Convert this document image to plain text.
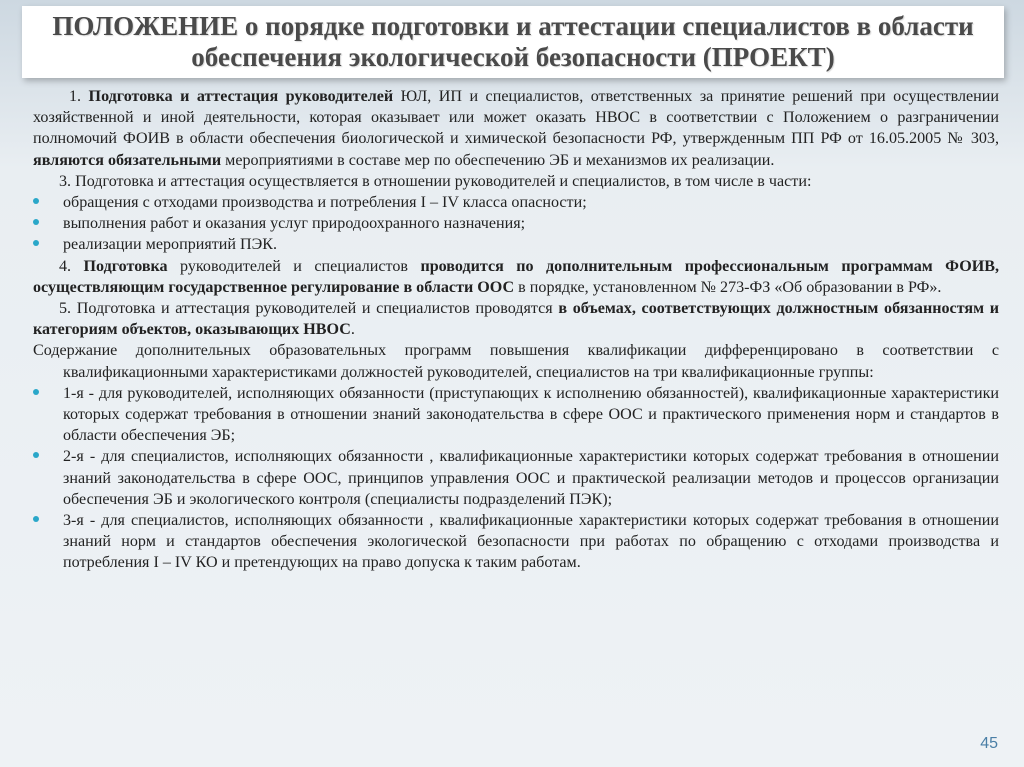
ПОЛОЖЕНИЕ о порядке подготовки и аттестации специалистов в области
обеспечения экологической безопасности (ПРОЕКТ)

1. Подготовка и аттестация руководителей ЮЛ, ИП и специалистов, ответственных за принятие решений при осуществлении хозяйственной и иной деятельности, которая оказывает или может оказать НВОС в соответствии с Положением о разграничении полномочий ФОИВ в области обеспечения биологической и химической безопасности РФ, утвержденным ПП РФ от 16.05.2005 № 303, являются обязательными мероприятиями в составе мер по обеспечению ЭБ и механизмов их реализации.

3. Подготовка и аттестация осуществляется в отношении руководителей и специалистов, в том числе в части:

обращения с отходами производства и потребления I – IV класса опасности;

выполнения работ и оказания услуг природоохранного назначения;

реализации мероприятий ПЭК.

4. Подготовка руководителей и специалистов проводится по дополнительным профессиональным программам ФОИВ, осуществляющим государственное регулирование в области ООС в порядке, установленном № 273-ФЗ «Об образовании в РФ».

5. Подготовка и аттестация руководителей и специалистов проводятся в объемах, соответствующих должностным обязанностям и категориям объектов, оказывающих НВОС.

Содержание дополнительных образовательных программ повышения квалификации дифференцировано в соответствии с квалификационными характеристиками должностей руководителей, специалистов на три квалификационные группы:

1-я - для руководителей, исполняющих обязанности (приступающих к исполнению обязанностей), квалификационные характеристики которых содержат требования в отношении знаний законодательства в сфере ООС и практического применения норм и стандартов в области обеспечения ЭБ;

2-я - для специалистов, исполняющих обязанности , квалификационные характеристики которых содержат требования в отношении знаний законодательства в сфере ООС, принципов управления ООС и практической реализации методов и процессов организации обеспечения ЭБ и экологического контроля (специалисты подразделений ПЭК);

3-я - для специалистов, исполняющих обязанности , квалификационные характеристики которых содержат требования в отношении знаний норм и стандартов обеспечения экологической безопасности при работах по обращению с отходами производства и потребления I – IV КО и претендующих на право допуска к таким работам.

45
